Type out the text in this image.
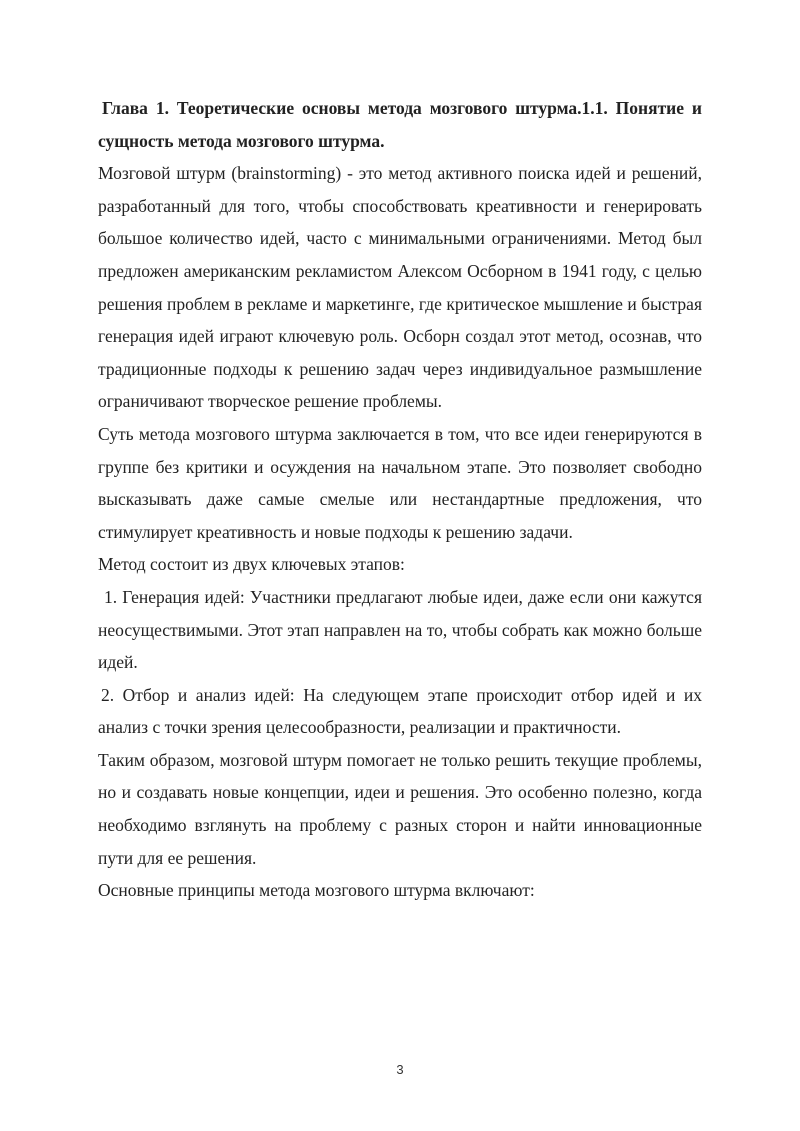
Глава 1. Теоретические основы метода мозгового штурма.1.1. Понятие и сущность метода мозгового штурма.

Мозговой штурм (brainstorming) - это метод активного поиска идей и решений, разработанный для того, чтобы способствовать креативности и генерировать большое количество идей, часто с минимальными ограничениями. Метод был предложен американским рекламистом Алексом Осборном в 1941 году, с целью решения проблем в рекламе и маркетинге, где критическое мышление и быстрая генерация идей играют ключевую роль. Осборн создал этот метод, осознав, что традиционные подходы к решению задач через индивидуальное размышление ограничивают творческое решение проблемы.

Суть метода мозгового штурма заключается в том, что все идеи генерируются в группе без критики и осуждения на начальном этапе. Это позволяет свободно высказывать даже самые смелые или нестандартные предложения, что стимулирует креативность и новые подходы к решению задачи.

Метод состоит из двух ключевых этапов:

1. Генерация идей: Участники предлагают любые идеи, даже если они кажутся неосуществимыми. Этот этап направлен на то, чтобы собрать как можно больше идей.

2. Отбор и анализ идей: На следующем этапе происходит отбор идей и их анализ с точки зрения целесообразности, реализации и практичности.

Таким образом, мозговой штурм помогает не только решить текущие проблемы, но и создавать новые концепции, идеи и решения. Это особенно полезно, когда необходимо взглянуть на проблему с разных сторон и найти инновационные пути для ее решения.

Основные принципы метода мозгового штурма включают:

3
